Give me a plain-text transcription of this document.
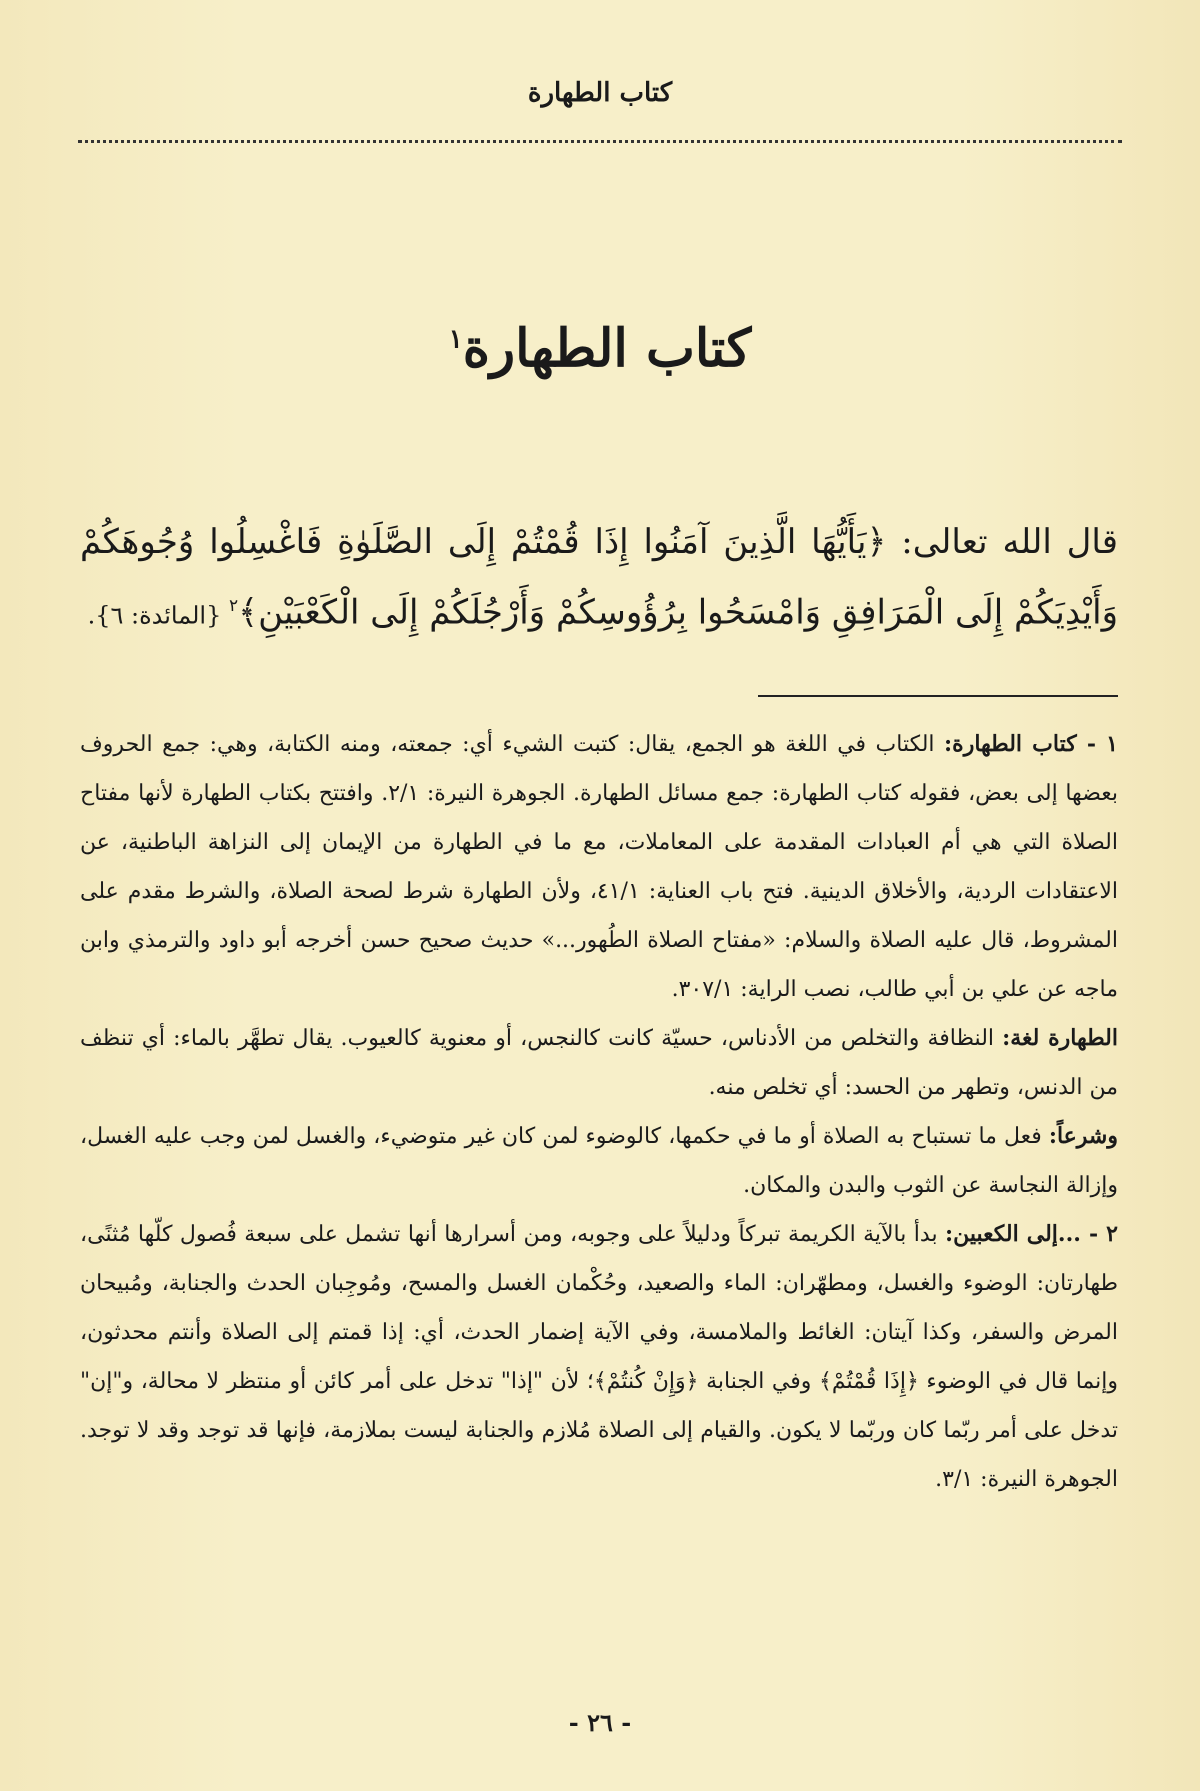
كتاب الطهارة
كتاب الطهارة$^١$
قال الله تعالى: ﴿يَأَيُّهَا الَّذِينَ آمَنُوا إِذَا قُمْتُمْ إِلَى الصَّلَوٰةِ فَاغْسِلُوا وُجُوهَكُمْ وَأَيْدِيَكُمْ إِلَى الْمَرَافِقِ وَامْسَحُوا بِرُؤُوسِكُمْ وَأَرْجُلَكُمْ إِلَى الْكَعْبَيْنِ﴾$^٢$ {المائدة: ٦}.

١ - كتاب الطهارة: الكتاب في اللغة هو الجمع، يقال: كتبت الشيء أي: جمعته، ومنه الكتابة، وهي: جمع الحروف بعضها إلى بعض، فقوله كتاب الطهارة: جمع مسائل الطهارة. الجوهرة النيرة: ٢/١. وافتتح بكتاب الطهارة لأنها مفتاح الصلاة التي هي أم العبادات المقدمة على المعاملات، مع ما في الطهارة من الإيمان إلى النزاهة الباطنية، عن الاعتقادات الردية، والأخلاق الدينية. فتح باب العناية: ٤١/١، ولأن الطهارة شرط لصحة الصلاة، والشرط مقدم على المشروط، قال عليه الصلاة والسلام: «مفتاح الصلاة الطُهور...» حديث صحيح حسن أخرجه أبو داود والترمذي وابن ماجه عن علي بن أبي طالب، نصب الراية: ٣٠٧/١.

الطهارة لغة: النظافة والتخلص من الأدناس، حسيّة كانت كالنجس، أو معنوية كالعيوب. يقال تطهَّر بالماء: أي تنظف من الدنس، وتطهر من الحسد: أي تخلص منه.

وشرعاً: فعل ما تستباح به الصلاة أو ما في حكمها، كالوضوء لمن كان غير متوضيء، والغسل لمن وجب عليه الغسل، وإزالة النجاسة عن الثوب والبدن والمكان.

٢ - ...إلى الكعبين: بدأ بالآية الكريمة تبركاً ودليلاً على وجوبه، ومن أسرارها أنها تشمل على سبعة فُصول كلّها مُثنًى، طهارتان: الوضوء والغسل، ومطهّران: الماء والصعيد، وحُكْمان الغسل والمسح، ومُوجِبان الحدث والجنابة، ومُبيحان المرض والسفر، وكذا آيتان: الغائط والملامسة، وفي الآية إضمار الحدث، أي: إذا قمتم إلى الصلاة وأنتم محدثون، وإنما قال في الوضوء ﴿إِذَا قُمْتُمْ﴾ وفي الجنابة ﴿وَإِنْ كُنتُمْ﴾؛ لأن "إذا" تدخل على أمر كائن أو منتظر لا محالة، و"إن" تدخل على أمر ربّما كان وربّما لا يكون. والقيام إلى الصلاة مُلازم والجنابة ليست بملازمة، فإنها قد توجد وقد لا توجد. الجوهرة النيرة: ٣/١.

- ٢٦ -
